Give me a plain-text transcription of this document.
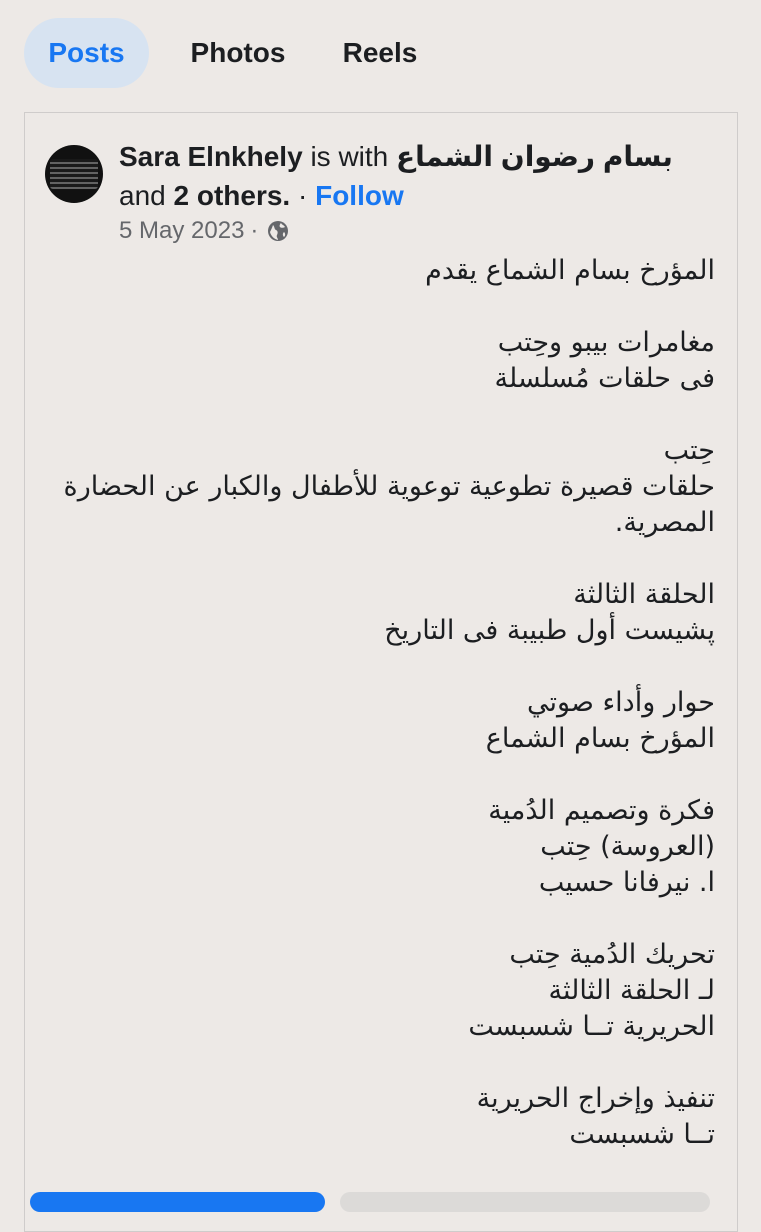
Posts	Photos	Reels
Sara Elnkhely is with بسام رضوان الشماع
and 2 others. · Follow
5 May 2023 ·
المؤرخ بسام الشماع يقدم
مغامرات بيبو وحِتب
فى حلقات مُسلسلة
حِتب
حلقات قصيرة تطوعية توعوية للأطفال والكبار عن الحضارة
المصرية.
الحلقة الثالثة
پشيست أول طبيبة فى التاريخ
حوار وأداء صوتي
المؤرخ بسام الشماع
فكرة وتصميم الدُمية
(العروسة) حِتب
ا. نيرفانا حسيب
تحريك الدُمية حِتب
لـ الحلقة الثالثة
الحريرية تــا شسبست
تنفيذ وإخراج الحريرية
تــا شسبست
